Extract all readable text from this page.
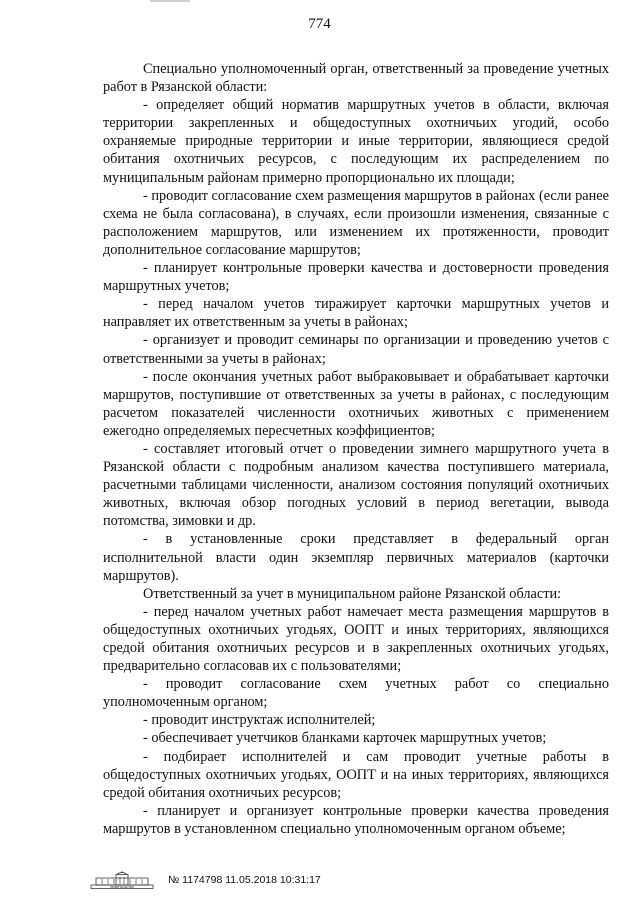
774

Специально уполномоченный орган, ответственный за проведение учетных работ в Рязанской области:

- определяет общий норматив маршрутных учетов в области, включая территории закрепленных и общедоступных охотничьих угодий, особо охраняемые природные территории и иные территории, являющиеся средой обитания охотничьих ресурсов, с последующим их распределением по муниципальным районам примерно пропорционально их площади;

- проводит согласование схем размещения маршрутов в районах (если ранее схема не была согласована), в случаях, если произошли изменения, связанные с расположением маршрутов, или изменением их протяженности, проводит дополнительное согласование маршрутов;

- планирует контрольные проверки качества и достоверности проведения маршрутных учетов;

- перед началом учетов тиражирует карточки маршрутных учетов и направляет их ответственным за учеты в районах;

- организует и проводит семинары по организации и проведению учетов с ответственными за учеты в районах;

- после окончания учетных работ выбраковывает и обрабатывает карточки маршрутов, поступившие от ответственных за учеты в районах, с последующим расчетом показателей численности охотничьих животных с применением ежегодно определяемых пересчетных коэффициентов;

- составляет итоговый отчет о проведении зимнего маршрутного учета в Рязанской области с подробным анализом качества поступившего материала, расчетными таблицами численности, анализом состояния популяций охотничьих животных, включая обзор погодных условий в период вегетации, вывода потомства, зимовки и др.

- в установленные сроки представляет в федеральный орган исполнительной власти один экземпляр первичных материалов (карточки маршрутов).

Ответственный за учет в муниципальном районе Рязанской области:

- перед началом учетных работ намечает места размещения маршрутов в общедоступных охотничьих угодьях, ООПТ и иных территориях, являющихся средой обитания охотничьих ресурсов и в закрепленных охотничьих угодьях, предварительно согласовав их с пользователями;

- проводит согласование схем учетных работ со специально уполномоченным органом;

- проводит инструктаж исполнителей;

- обеспечивает учетчиков бланками карточек маршрутных учетов;

- подбирает исполнителей и сам проводит учетные работы в общедоступных охотничьих угодьях, ООПТ и на иных территориях, являющихся средой обитания охотничьих ресурсов;

- планирует и организует контрольные проверки качества проведения маршрутов в установленном специально уполномоченным органом объеме;

ПРАВИТЕЛЬСТВО
№ 1174798 11.05.2018 10:31:17
